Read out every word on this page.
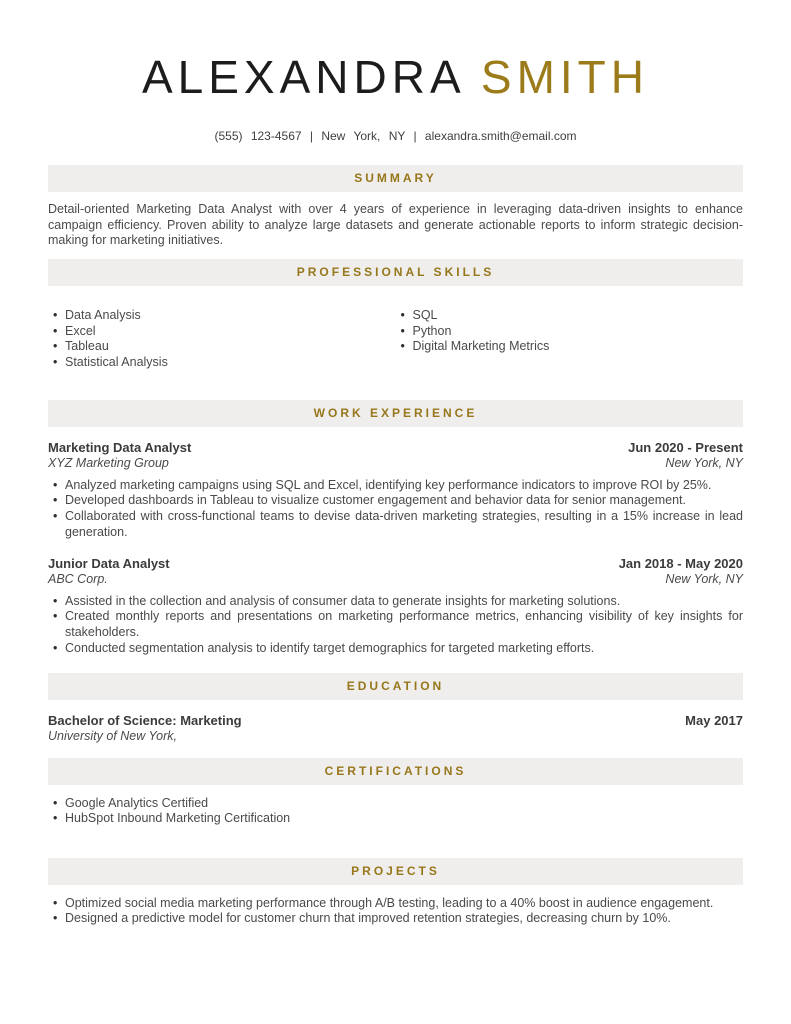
ALEXANDRA SMITH
(555) 123-4567 | New York, NY | alexandra.smith@email.com
SUMMARY

Detail-oriented Marketing Data Analyst with over 4 years of experience in leveraging data-driven insights to enhance campaign efficiency. Proven ability to analyze large datasets and generate actionable reports to inform strategic decision-making for marketing initiatives.

PROFESSIONAL SKILLS
• Data Analysis
• Excel
• Tableau
• Statistical Analysis
• SQL
• Python
• Digital Marketing Metrics
WORK EXPERIENCE
Marketing Data Analyst
XYZ Marketing Group
Jun 2020 - Present
New York, NY
• Analyzed marketing campaigns using SQL and Excel, identifying key performance indicators to improve ROI by 25%.
• Developed dashboards in Tableau to visualize customer engagement and behavior data for senior management.
• Collaborated with cross-functional teams to devise data-driven marketing strategies, resulting in a 15% increase in lead generation.
Junior Data Analyst
ABC Corp.
Jan 2018 - May 2020
New York, NY
• Assisted in the collection and analysis of consumer data to generate insights for marketing solutions.
• Created monthly reports and presentations on marketing performance metrics, enhancing visibility of key insights for stakeholders.
• Conducted segmentation analysis to identify target demographics for targeted marketing efforts.
EDUCATION
Bachelor of Science: Marketing
University of New York,
May 2017
CERTIFICATIONS
• Google Analytics Certified
• HubSpot Inbound Marketing Certification
PROJECTS
• Optimized social media marketing performance through A/B testing, leading to a 40% boost in audience engagement.
• Designed a predictive model for customer churn that improved retention strategies, decreasing churn by 10%.
